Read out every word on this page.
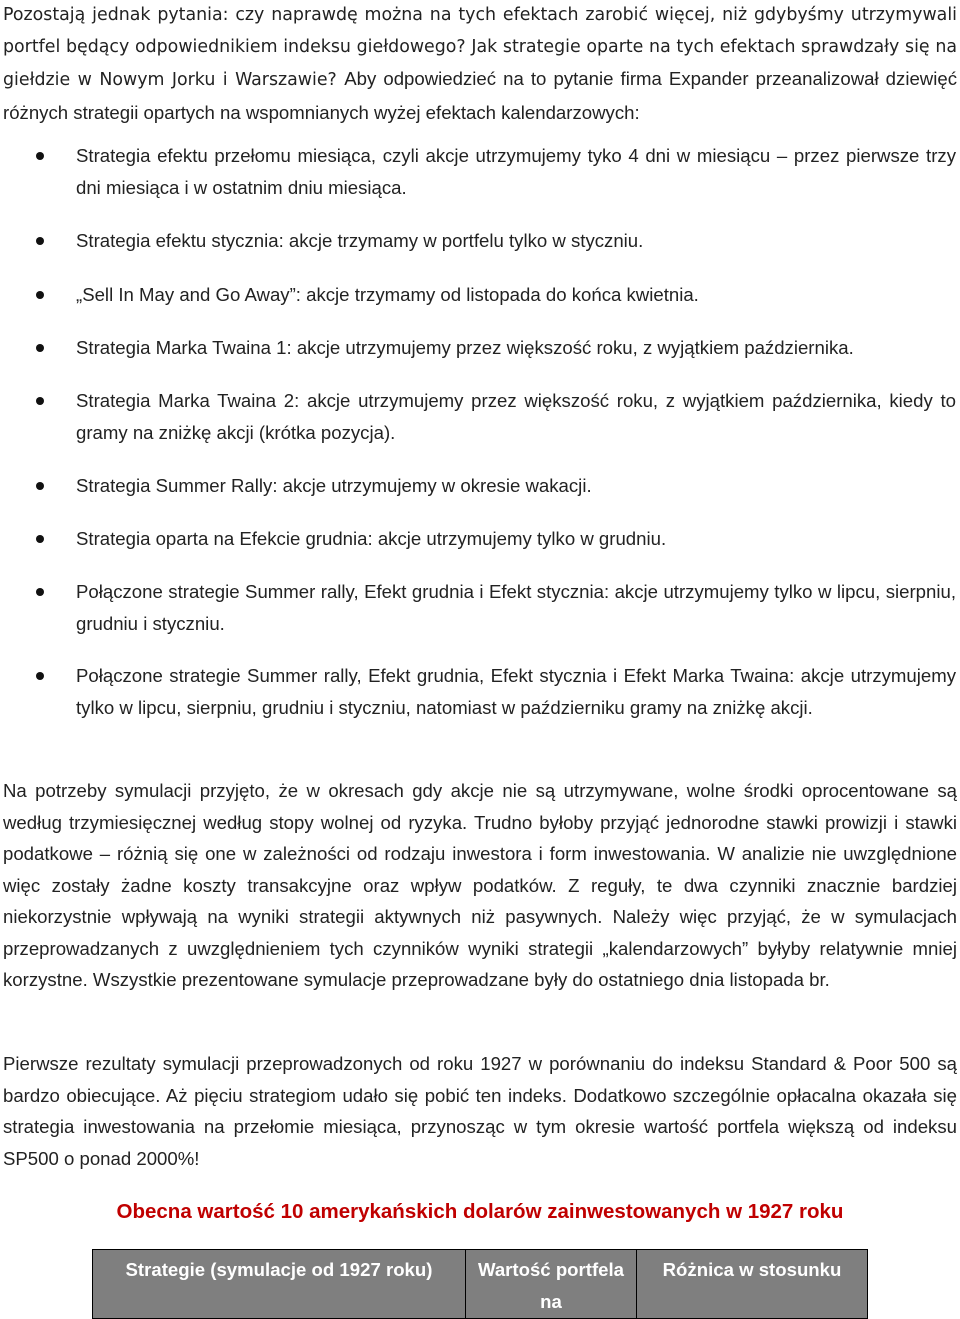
Pozostają jednak pytania: czy naprawdę można na tych efektach zarobić więcej, niż gdybyśmy utrzymywali portfel będący odpowiednikiem indeksu giełdowego? Jak strategie oparte na tych efektach sprawdzały się na giełdzie w Nowym Jorku i Warszawie? Aby odpowiedzieć na to pytanie firma Expander przeanalizował dziewięć różnych strategii opartych na wspomnianych wyżej efektach kalendarzowych:

Strategia efektu przełomu miesiąca, czyli akcje utrzymujemy tyko 4 dni w miesiącu – przez pierwsze trzy dni miesiąca i w ostatnim dniu miesiąca.
Strategia efektu stycznia: akcje trzymamy w portfelu tylko w styczniu.
„Sell In May and Go Away”: akcje trzymamy od listopada do końca kwietnia.
Strategia Marka Twaina 1: akcje utrzymujemy przez większość roku, z wyjątkiem października.
Strategia Marka Twaina 2: akcje utrzymujemy przez większość roku, z wyjątkiem października, kiedy to gramy na zniżkę akcji (krótka pozycja).
Strategia Summer Rally: akcje utrzymujemy w okresie wakacji.
Strategia oparta na Efekcie grudnia: akcje utrzymujemy tylko w grudniu.
Połączone strategie Summer rally, Efekt grudnia i Efekt stycznia: akcje utrzymujemy tylko w lipcu, sierpniu, grudniu i styczniu.
Połączone strategie Summer rally, Efekt grudnia, Efekt stycznia i Efekt Marka Twaina: akcje utrzymujemy tylko w lipcu, sierpniu, grudniu i styczniu, natomiast w październiku gramy na zniżkę akcji.

Na potrzeby symulacji przyjęto, że w okresach gdy akcje nie są utrzymywane, wolne środki oprocentowane są według trzymiesięcznej według stopy wolnej od ryzyka. Trudno byłoby przyjąć jednorodne stawki prowizji i stawki podatkowe – różnią się one w zależności od rodzaju inwestora i form inwestowania. W analizie nie uwzględnione więc zostały żadne koszty transakcyjne oraz wpływ podatków. Z reguły, te dwa czynniki znacznie bardziej niekorzystnie wpływają na wyniki strategii aktywnych niż pasywnych. Należy więc przyjąć, że w symulacjach przeprowadzanych z uwzględnieniem tych czynników wyniki strategii „kalendarzowych” byłyby relatywnie mniej korzystne. Wszystkie prezentowane symulacje przeprowadzane były do ostatniego dnia listopada br.

Pierwsze rezultaty symulacji przeprowadzonych od roku 1927 w porównaniu do indeksu Standard & Poor 500 są bardzo obiecujące. Aż pięciu strategiom udało się pobić ten indeks. Dodatkowo szczególnie opłacalna okazała się strategia inwestowania na przełomie miesiąca, przynosząc w tym okresie wartość portfela większą od indeksu SP500 o ponad 2000%!

Obecna wartość 10 amerykańskich dolarów zainwestowanych w 1927 roku

Strategie (symulacje od 1927 roku)	Wartość portfela na	Różnica w stosunku
